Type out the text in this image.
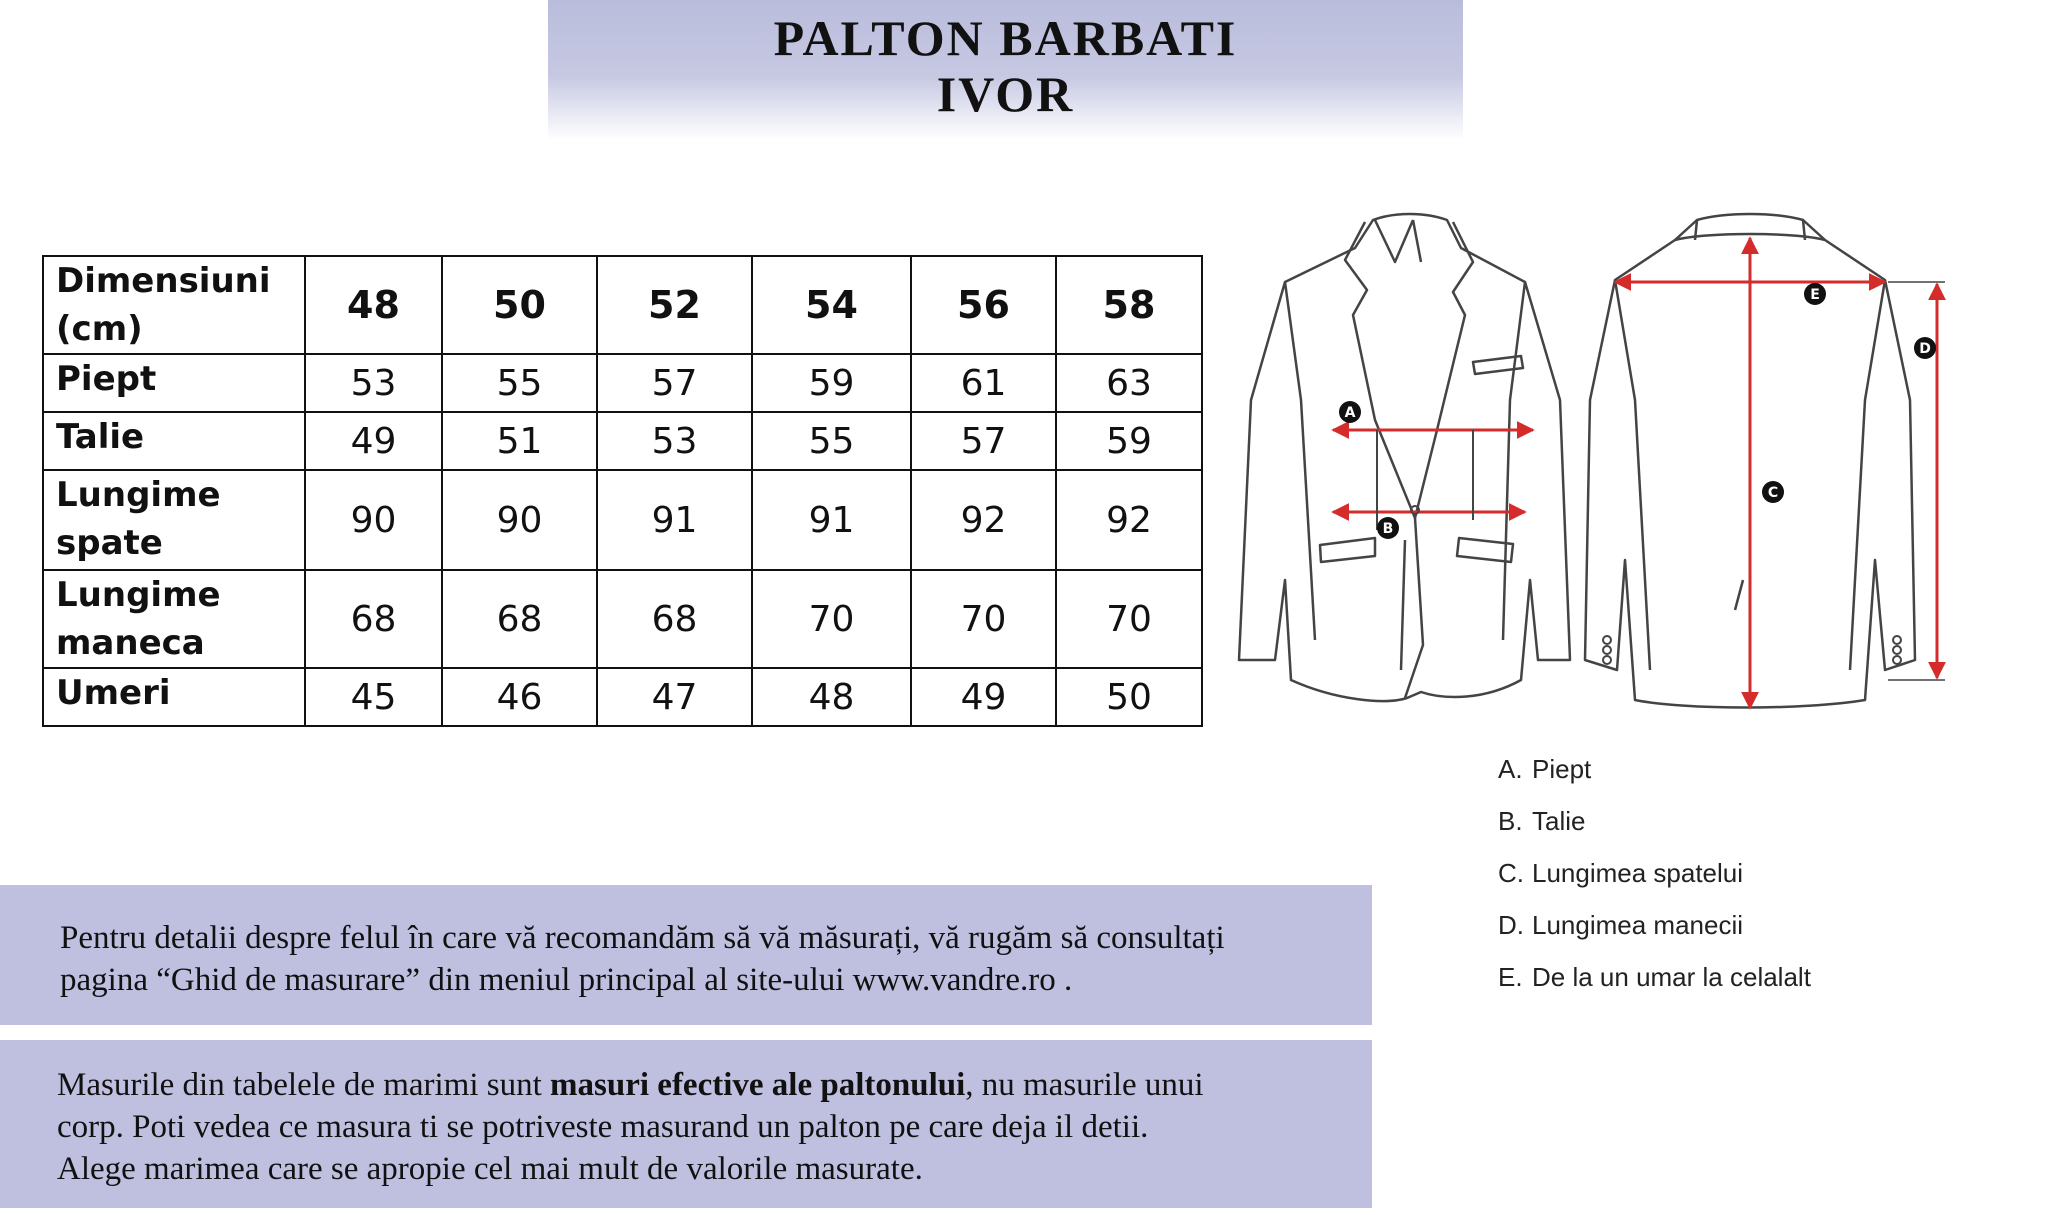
PALTON BARBATI
IVOR
Dimensiuni
(cm)	48	50	52	54	56	58
Piept	53	55	57	59	61	63
Talie	49	51	53	55	57	59

Lungime
spate	90	90	91	91	92	92

Lungime
maneca	68	68	68	70	70	70
Umeri	45	46	47	48	49	50
A
B
C
D
E
A. Piept
B. Talie
C. Lungimea spatelui
D. Lungimea manecii
E. De la un umar la celalalt
Pentru detalii despre felul în care vă recomandăm să vă măsurați, vă rugăm să consultați
pagina “Ghid de masurare” din meniul principal al site-ului www.vandre.ro .
Masurile din tabelele de marimi sunt masuri efective ale paltonului, nu masurile unui
corp. Poti vedea ce masura ti se potriveste masurand un palton pe care deja il detii.
Alege marimea care se apropie cel mai mult de valorile masurate.
